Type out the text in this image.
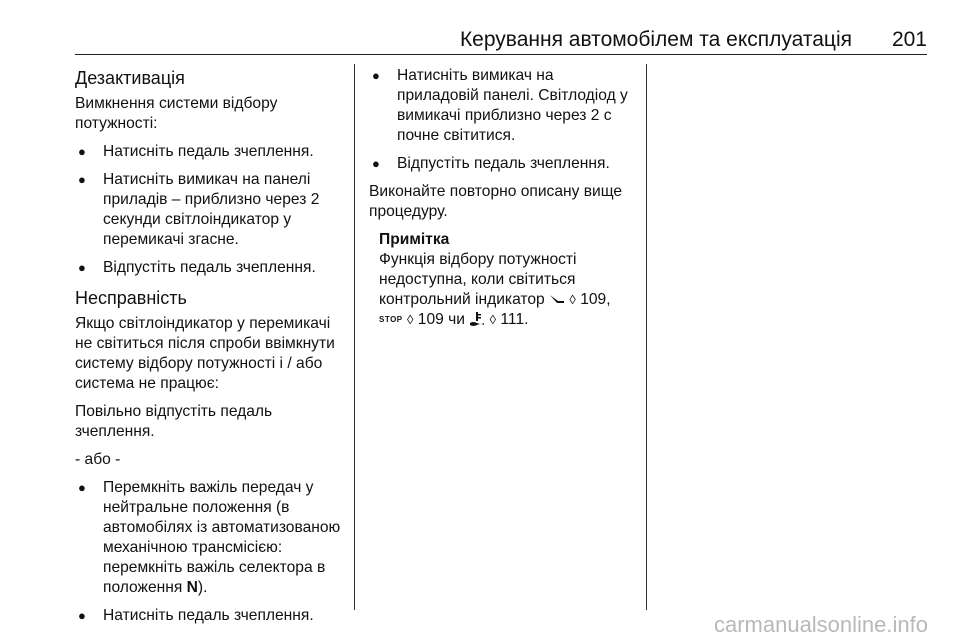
Керування автомобілем та експлуатація 201
Дезактивація

Вимкнення системи відбору потужності:

● Натисніть педаль зчеплення.
● Натисніть вимикач на панелі приладів – приблизно через 2 секунди світлоіндикатор у перемикачі згасне.
● Відпустіть педаль зчеплення.
Несправність

Якщо світлоіндикатор у перемикачі не світиться після спроби ввімкнути систему відбору потужності і / або система не працює:

Повільно відпустіть педаль зчеплення.

- або -

● Перемкніть важіль передач у нейтральне положення (в автомобілях із автоматизованою механічною трансмісією: перемкніть важіль селектора в положення N).
● Натисніть педаль зчеплення.
● Натисніть вимикач на приладовій панелі. Світлодіод у вимикачі приблизно через 2 с почне світитися.
● Відпустіть педаль зчеплення.

Виконайте повторно описану вище процедуру.

Примітка
Функція відбору потужності недоступна, коли світиться контрольний індикатор ◊ 109,
STOP ◊ 109 чи ◊ 111.
carmanualsonline.info
